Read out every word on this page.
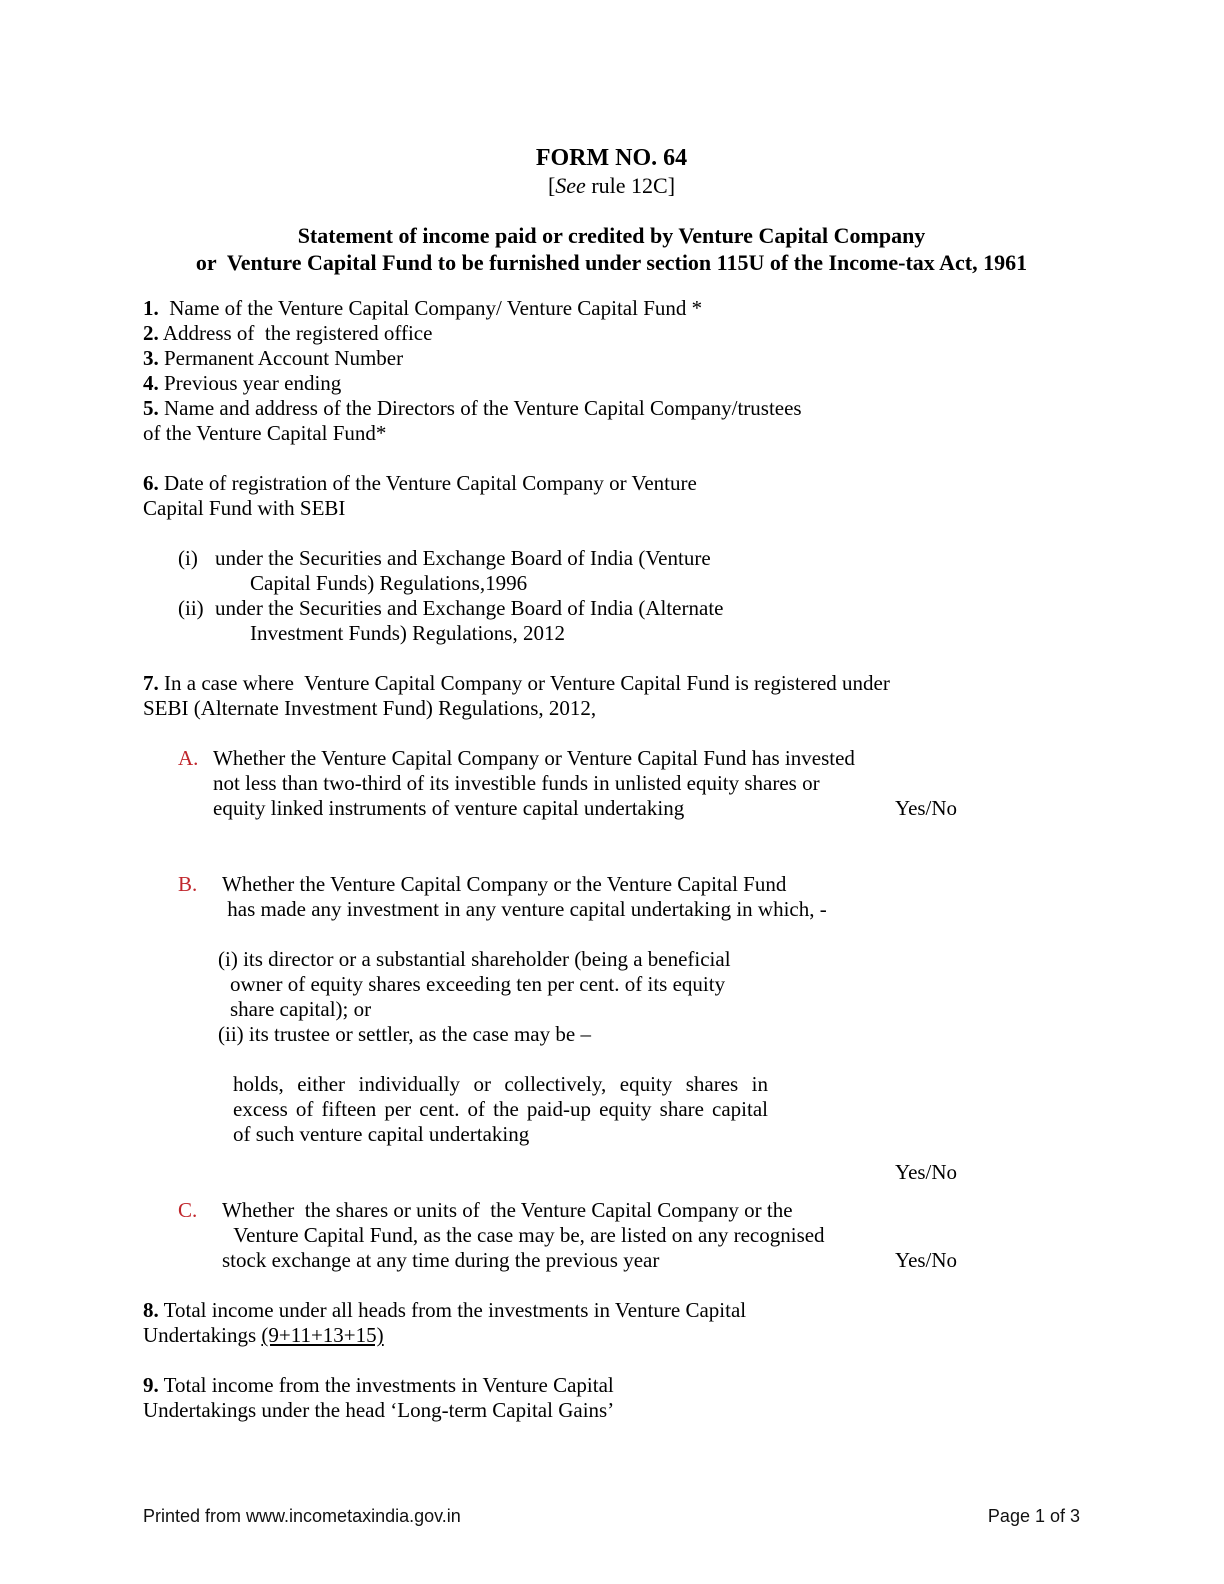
FORM NO. 64
[See rule 12C]
Statement of income paid or credited by Venture Capital Company
or  Venture Capital Fund to be furnished under section 115U of the Income-tax Act, 1961
1.  Name of the Venture Capital Company/ Venture Capital Fund *
2. Address of  the registered office
3. Permanent Account Number
4. Previous year ending
5. Name and address of the Directors of the Venture Capital Company/trustees
of the Venture Capital Fund*
6. Date of registration of the Venture Capital Company or Venture
Capital Fund with SEBI
(i) under the Securities and Exchange Board of India (Venture
Capital Funds) Regulations,1996
(ii) under the Securities and Exchange Board of India (Alternate
Investment Funds) Regulations, 2012
7. In a case where  Venture Capital Company or Venture Capital Fund is registered under
SEBI (Alternate Investment Fund) Regulations, 2012,
A. Whether the Venture Capital Company or Venture Capital Fund has invested
not less than two-third of its investible funds in unlisted equity shares or
equity linked instruments of venture capital undertaking	Yes/No
B. Whether the Venture Capital Company or the Venture Capital Fund
has made any investment in any venture capital undertaking in which, -
(i) its director or a substantial shareholder (being a beneficial
owner of equity shares exceeding ten per cent. of its equity
share capital); or
(ii) its trustee or settler, as the case may be –
holds, either individually or collectively, equity shares in
excess of fifteen per cent. of the paid-up equity share capital
of such venture capital undertaking
Yes/No
C. Whether  the shares or units of  the Venture Capital Company or the
Venture Capital Fund, as the case may be, are listed on any recognised
stock exchange at any time during the previous year	Yes/No
8. Total income under all heads from the investments in Venture Capital
Undertakings (9+11+13+15)
9. Total income from the investments in Venture Capital
Undertakings under the head ‘Long-term Capital Gains’
Printed from www.incometaxindia.gov.in	Page 1 of 3
